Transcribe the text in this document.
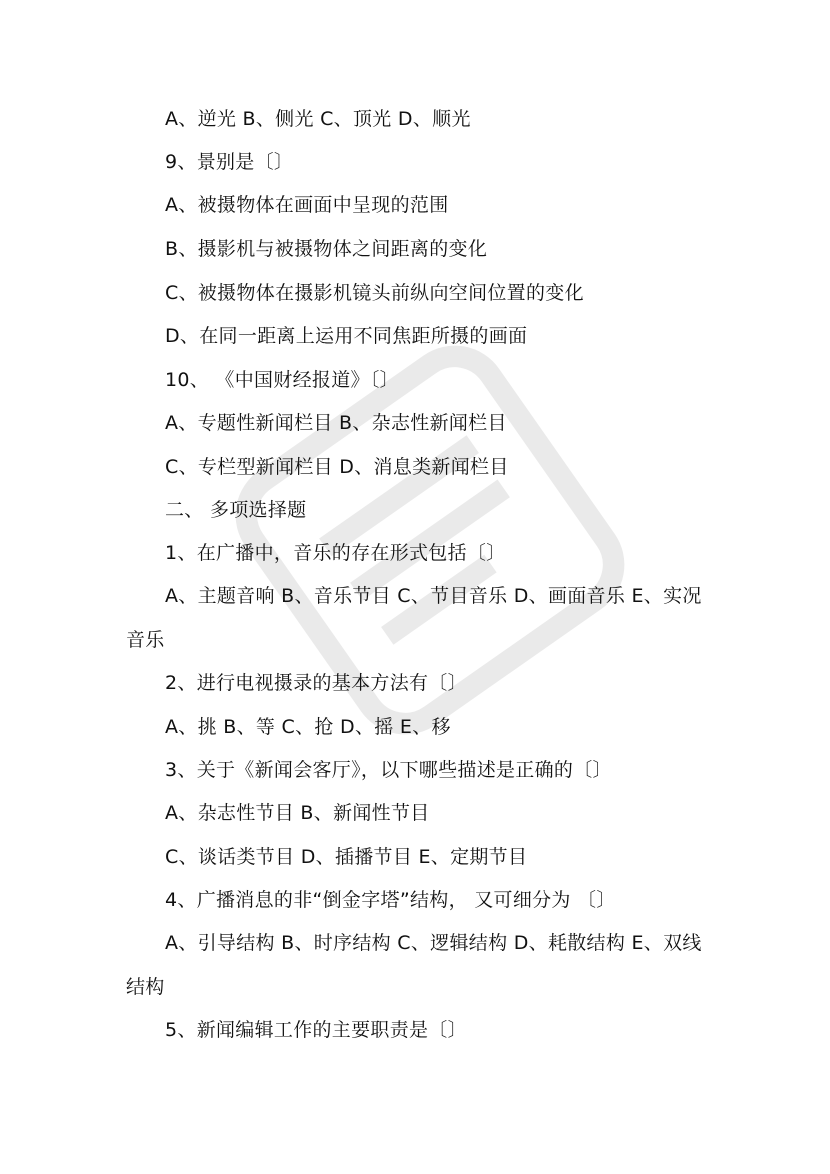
A、逆光 B、侧光 C、顶光 D、顺光
9、景别是〔〕
A、被摄物体在画面中呈现的范围
B、摄影机与被摄物体之间距离的变化
C、被摄物体在摄影机镜头前纵向空间位置的变化
D、在同一距离上运用不同焦距所摄的画面
10、 《中国财经报道》〔〕
A、专题性新闻栏目 B、杂志性新闻栏目
C、专栏型新闻栏目 D、消息类新闻栏目
二、 多项选择题
1、在广播中，音乐的存在形式包括〔〕
A、主题音响 B、音乐节目 C、节目音乐 D、画面音乐 E、实况
音乐
2、进行电视摄录的基本方法有〔〕
A、挑 B、等 C、抢 D、摇 E、移
3、关于《新闻会客厅》，以下哪些描述是正确的〔〕
A、杂志性节目 B、新闻性节目
C、谈话类节目 D、插播节目 E、定期节目
4、广播消息的非“倒金字塔”结构， 又可细分为 〔〕
A、引导结构 B、时序结构 C、逻辑结构 D、耗散结构 E、双线
结构
5、新闻编辑工作的主要职责是〔〕
